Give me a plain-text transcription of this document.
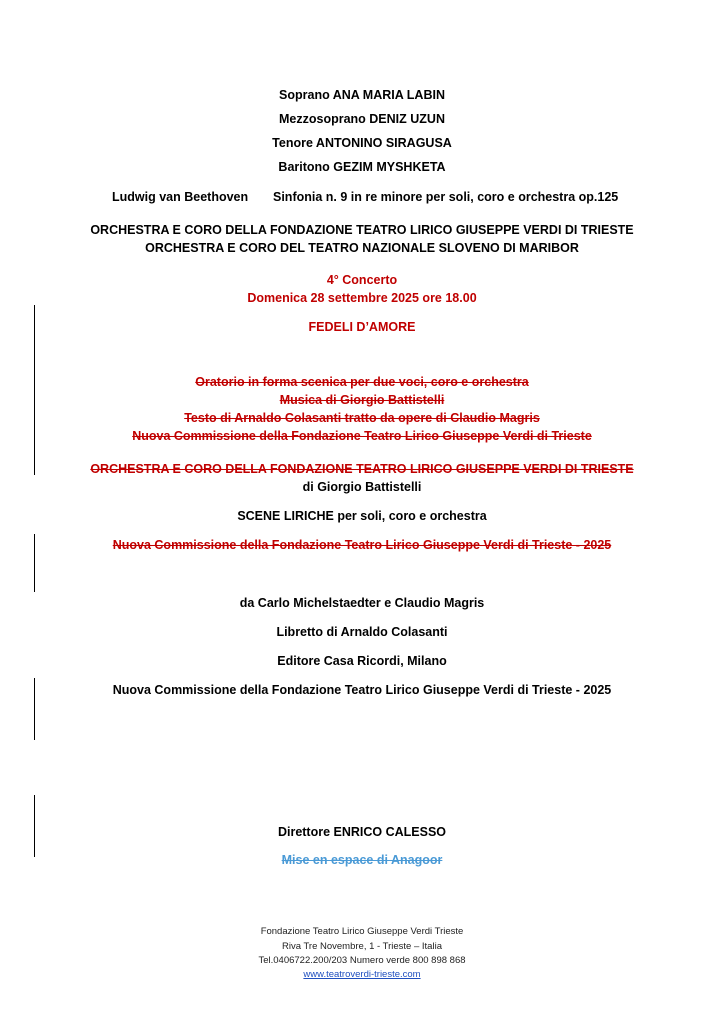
Soprano ANA MARIA LABIN
Mezzosoprano DENIZ UZUN
Tenore ANTONINO SIRAGUSA
Baritono GEZIM MYSHKETA
Ludwig van Beethoven Sinfonia n. 9 in re minore per soli, coro e orchestra op.125
ORCHESTRA E CORO DELLA FONDAZIONE TEATRO LIRICO GIUSEPPE VERDI DI TRIESTE
ORCHESTRA E CORO DEL TEATRO NAZIONALE SLOVENO DI MARIBOR
4° Concerto
Domenica 28 settembre 2025 ore 18.00
FEDELI D’AMORE
Oratorio in forma scenica per due voci, coro e orchestra
Musica di Giorgio Battistelli
Testo di Arnaldo Colasanti tratto da opere di Claudio Magris
Nuova Commissione della Fondazione Teatro Lirico Giuseppe Verdi di Trieste
ORCHESTRA E CORO DELLA FONDAZIONE TEATRO LIRICO GIUSEPPE VERDI DI TRIESTE
di Giorgio Battistelli
SCENE LIRICHE per soli, coro e orchestra
Nuova Commissione della Fondazione Teatro Lirico Giuseppe Verdi di Trieste - 2025
da Carlo Michelstaedter e Claudio Magris
Libretto di Arnaldo Colasanti
Editore Casa Ricordi, Milano
Nuova Commissione della Fondazione Teatro Lirico Giuseppe Verdi di Trieste - 2025
Direttore ENRICO CALESSO
Mise en espace di Anagoor
Fondazione Teatro Lirico Giuseppe Verdi Trieste
Riva Tre Novembre, 1 - Trieste – Italia
Tel.0406722.200/203 Numero verde 800 898 868
www.teatroverdi-trieste.com
